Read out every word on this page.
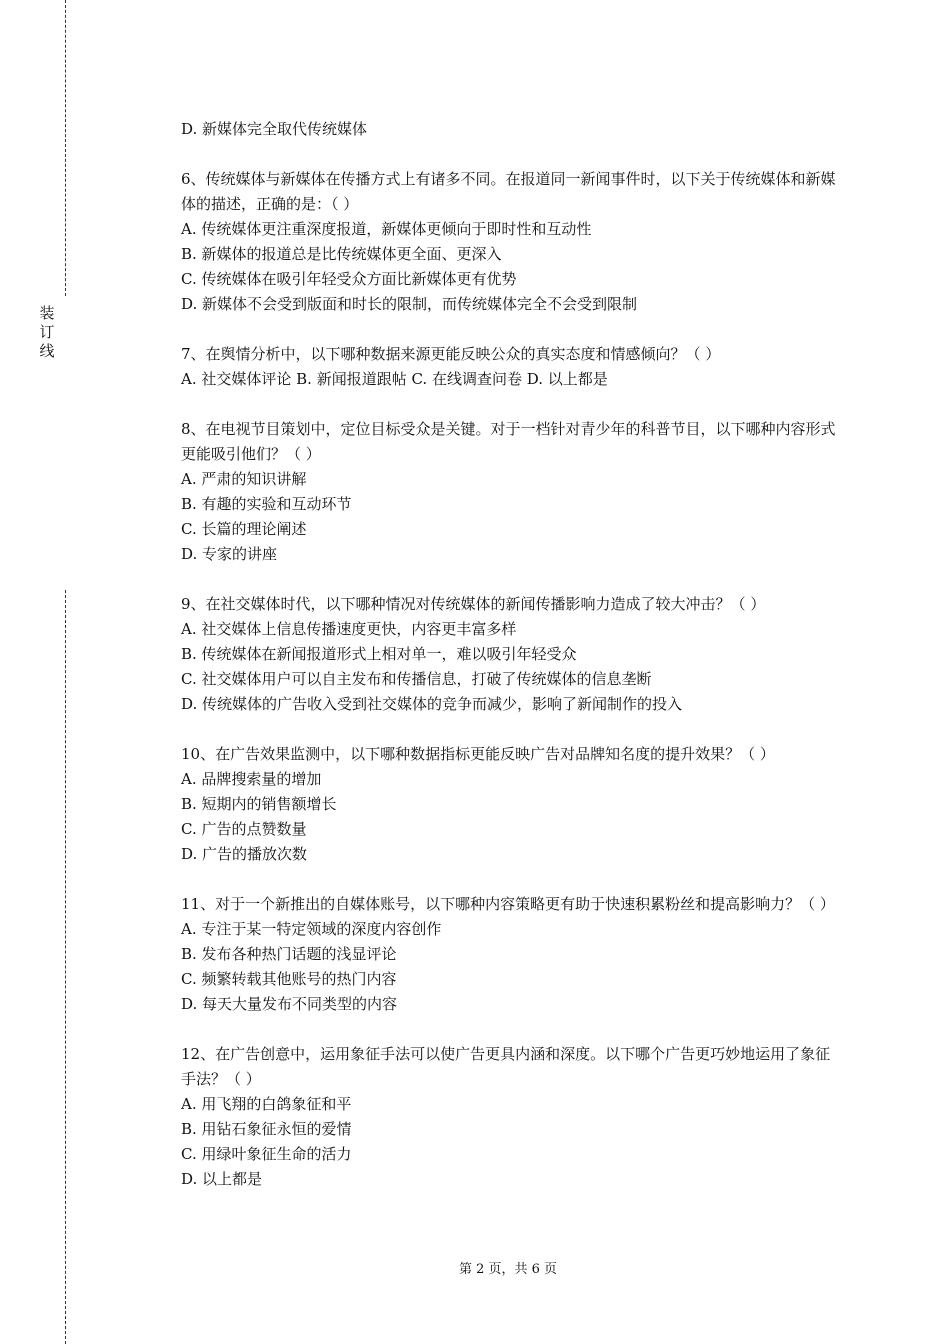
装
订
线
D. 新媒体完全取代传统媒体
6、传统媒体与新媒体在传播方式上有诸多不同。在报道同一新闻事件时，以下关于传统媒体和新媒体的描述，正确的是：（ ）
A. 传统媒体更注重深度报道，新媒体更倾向于即时性和互动性
B. 新媒体的报道总是比传统媒体更全面、更深入
C. 传统媒体在吸引年轻受众方面比新媒体更有优势
D. 新媒体不会受到版面和时长的限制，而传统媒体完全不会受到限制
7、在舆情分析中，以下哪种数据来源更能反映公众的真实态度和情感倾向？（ ）
A. 社交媒体评论 B. 新闻报道跟帖 C. 在线调查问卷 D. 以上都是
8、在电视节目策划中，定位目标受众是关键。对于一档针对青少年的科普节目，以下哪种内容形式更能吸引他们？（ ）
A. 严肃的知识讲解
B. 有趣的实验和互动环节
C. 长篇的理论阐述
D. 专家的讲座
9、在社交媒体时代，以下哪种情况对传统媒体的新闻传播影响力造成了较大冲击？（ ）
A. 社交媒体上信息传播速度更快，内容更丰富多样
B. 传统媒体在新闻报道形式上相对单一，难以吸引年轻受众
C. 社交媒体用户可以自主发布和传播信息，打破了传统媒体的信息垄断
D. 传统媒体的广告收入受到社交媒体的竞争而减少，影响了新闻制作的投入
10、在广告效果监测中，以下哪种数据指标更能反映广告对品牌知名度的提升效果？（ ）
A. 品牌搜索量的增加
B. 短期内的销售额增长
C. 广告的点赞数量
D. 广告的播放次数
11、对于一个新推出的自媒体账号，以下哪种内容策略更有助于快速积累粉丝和提高影响力？（ ）
A. 专注于某一特定领域的深度内容创作
B. 发布各种热门话题的浅显评论
C. 频繁转载其他账号的热门内容
D. 每天大量发布不同类型的内容
12、在广告创意中，运用象征手法可以使广告更具内涵和深度。以下哪个广告更巧妙地运用了象征手法？（ ）
A. 用飞翔的白鸽象征和平
B. 用钻石象征永恒的爱情
C. 用绿叶象征生命的活力
D. 以上都是
第 2 页，共 6 页
